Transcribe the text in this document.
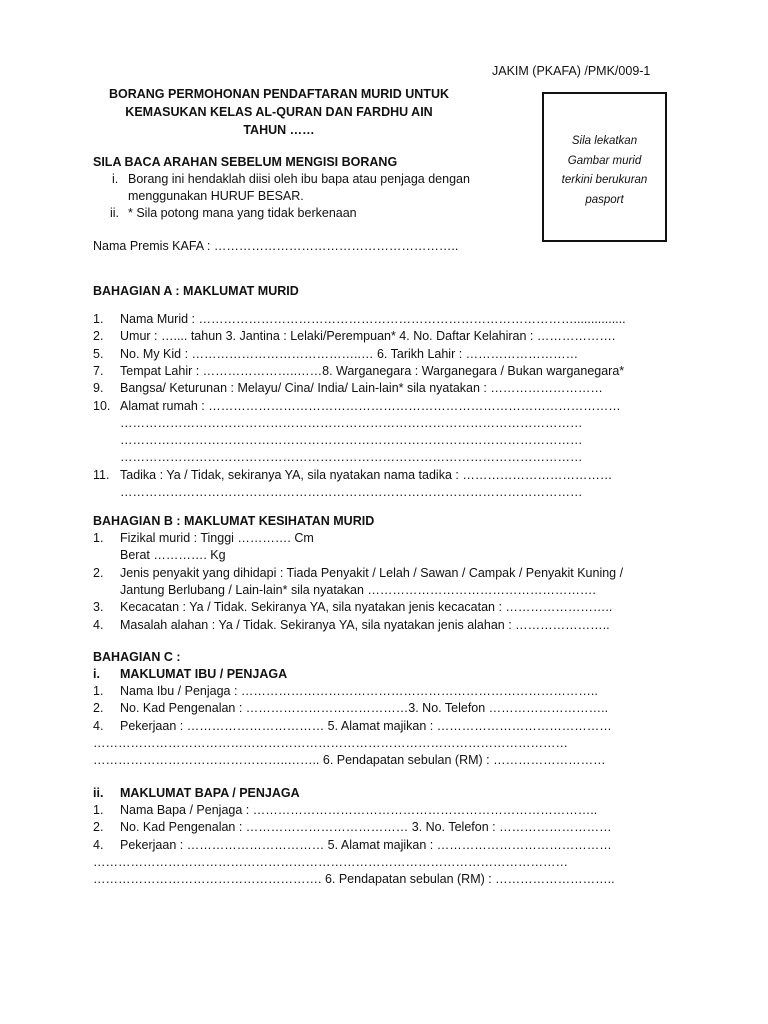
JAKIM (PKAFA) /PMK/009-1
BORANG PERMOHONAN PENDAFTARAN MURID UNTUK
KEMASUKAN KELAS AL-QURAN DAN FARDHU AIN
TAHUN ……
Sila lekatkan
Gambar murid
terkini berukuran
pasport
SILA BACA ARAHAN SEBELUM MENGISI BORANG
i. Borang ini hendaklah diisi oleh ibu bapa atau penjaga dengan
menggunakan HURUF BESAR.
ii. * Sila potong mana yang tidak berkenaan
Nama Premis KAFA : …………………………………………………..
BAHAGIAN A : MAKLUMAT MURID
1. Nama Murid : ………………………………………………………………………………...............
2. Umur : ….... tahun 3. Jantina : Lelaki/Perempuan* 4. No. Daftar Kelahiran : ……………….
5. No. My Kid : …………………………………..… 6. Tarikh Lahir : ………………………
7. Tempat Lahir : …………………..……8. Warganegara : Warganegara / Bukan warganegara*
9. Bangsa/ Keturunan : Melayu/ Cina/ India/ Lain-lain* sila nyatakan : ………………………
10. Alamat rumah : ………………………………………………………………………………………
…………………………………………………………………………………………………
…………………………………………………………………………………………………
…………………………………………………………………………………………………
11. Tadika : Ya / Tidak, sekiranya YA, sila nyatakan nama tadika : ………………………………
…………………………………………………………………………………………………
BAHAGIAN B : MAKLUMAT KESIHATAN MURID
1. Fizikal murid : Tinggi …………. Cm
Berat …………. Kg
2. Jenis penyakit yang dihidapi : Tiada Penyakit / Lelah / Sawan / Campak / Penyakit Kuning /
Jantung Berlubang / Lain-lain* sila nyatakan ……………………………………………….
3. Kecacatan : Ya / Tidak. Sekiranya YA, sila nyatakan jenis kecacatan : ……………………..
4. Masalah alahan : Ya / Tidak. Sekiranya YA, sila nyatakan jenis alahan : …………………..
BAHAGIAN C :
i. MAKLUMAT IBU / PENJAGA
1. Nama Ibu / Penjaga : …………………………………………………………………………..
2. No. Kad Pengenalan : …………………………………3. No. Telefon ………………………..
4. Pekerjaan : …………………………… 5. Alamat majikan : ……………………………………
……………………………………………………………………………………………………
………………………………………..…….. 6. Pendapatan sebulan (RM) : ………………………
ii. MAKLUMAT BAPA / PENJAGA
1. Nama Bapa / Penjaga : ………………………………………………………………………..
2. No. Kad Pengenalan : ………………………………… 3. No. Telefon : ………………………
4. Pekerjaan : …………………………… 5. Alamat majikan : ……………………………………
……………………………………………………………………………………………………
………………………………………………. 6. Pendapatan sebulan (RM) : ………………………..
